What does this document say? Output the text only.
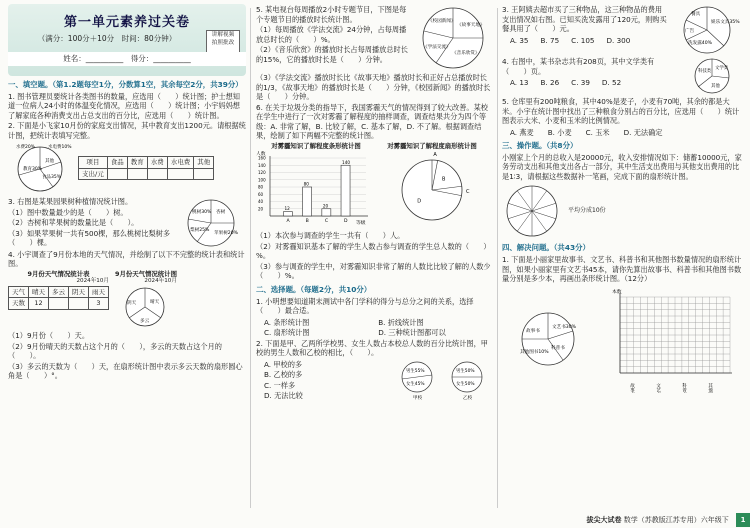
第一单元素养过关卷
（满分：100分＋10分　时间：80分钟）	讲解视频
拍照批改
姓名：__________　得分：__________
一、填空题。（第1.2题每空1分，分数算1空，其余每空2分，共39分）
1. 图书管理员要统计各类图书的数量，应选用（　　）统计图；护士想知道一位病人24小时的体温变化情况，应选用（　　）统计图；小宇妈妈想了解家庭各种消费支出占总支出的百分比，应选用（　　）统计图。
2. 下面是小飞家10月份的家庭支出情况，其中教育支出1200元。请根据统计图，把统计表填写完整。
水费20%	水电费10%
教育30%
食品35%
其他	项目	食品	教育	水费	水电费	其他
支出/元					
3. 右图是某果园果树种植情况统计图。
（1）图中数量最少的是（　　）树。
（2）杏树和苹果树的数量比是（　　）。
（3）如果苹果树一共有500棵，那么桃树比梨树多（　　）棵。
桃树30% 杏树
梨树25%
苹果树20%
4. 小宇调查了9月份本地的天气情况，并绘制了以下不完整的统计表和统计图。
9月份天气情况统计表
2024年10月
天气	晴天	多云	阴天	雨天
天数	12			3
9月份天气情况统计图
2024年10月
晴天
阴天
多云
（1）9月份（　　）天。
（2）9月份晴天的天数占这个月的（　　），多云的天数占这个月的（　　）。
（3）多云的天数为（　　）天，在扇形统计图中表示多云天数的扇形圆心角是（　　）°。
5. 某电视台每周播放2小时专题节目，下图是每个专题节目的播放时长统计图。
（1）每周播放《学法交流》24分钟，占每周播放总时长的（　　）%。
（2）《音乐欣赏》的播放时长占每周播放总时长的15%，它的播放时长是（　　）分钟。
《校园新闻》
《故事天地》
《学法交流》
《音乐欣赏》
（3）《学法交流》播放时长比《故事天地》播放时长和正好占总播放时长的1/3，《故事天地》的播放时长是（　　）分钟，《校园新闻》的播放时长是（　　）分钟。
6. 在关于垃圾分类的指导下，我国雾霾天气的情况得到了较大改善。某校在学生中进行了一次对雾霾了解程度的抽样调查，调查结果共分为四个等级：A. 非常了解，B. 比较了解，C. 基本了解，D. 不了解。根据调查结果，绘制了如下两幅不完整的统计图。
对雾霾知识了解程度条形统计图
20
40
60
80
100
120
140
160
等级
人数
12
A
80
B
20
C
140
D
对雾霾知识了解程度扇形统计图
A
B
C
D
（1）本次参与调查的学生一共有（　　）人。
（2）对雾霾知识基本了解的学生人数占参与调查的学生总人数的（　　）%。
（3）参与调查的学生中，对雾霾知识非常了解的人数比比较了解的人数少（　　）%。
二、选择题。（每题2分，共10分）
1. 小明想要知道期末测试中各门学科的得分与总分之间的关系，选择（　　）最合适。
A. 条形统计图	B. 折线统计图
C. 扇形统计图	D. 三种统计图都可以
2. 下面是甲、乙两所学校男、女生人数占本校总人数的百分比统计图，甲校的男生人数和乙校的相比，（　　）。
A. 甲校的多
B. 乙校的多
C. 一样多
D. 无法比较
男生55%
女生45%
甲校
男生50%
女生50%
乙校
3. 王阿姨去超市买了三种物品，这三种物品的费用支出情况如右图。已知买洗发露用了120元，则购买餐具用了（　　）元。
A. 35 B. 75 C. 105 D. 300
餐具
娱乐文具35%
洗发露40%
广告
4. 右图中，某书杂志共有208页，其中文学类有（　　）页。
A. 13 B. 26 C. 39 D. 52
文学类
科技类
其他
5. 仓库里有200吨粮食，其中40%是麦子，小麦有70吨，其余的都是大米。小宇在统计图中找出了三种粮食分别占的百分比，应选用（　　）统计图表示大米、小麦和玉米的比例情况。
A. 燕麦 B. 小麦 C. 玉米 D. 无法确定
三、操作题。（共8分）
小刚家上个月的总收入是20000元，收入安排情况如下：储蓄10000元，家务劳动支出和其他支出各占一部分，其中生活支出费用与其他支出费用的比是1∶3，请根据这些数据补一笔画，完成下面的扇形统计图。
平均分成10份
四、解决问题。（共43分）
1. 下面是小丽家里故事书、文艺书、科普书和其他图书数量情况的扇形统计图，如果小丽家里有文艺书45本，请你先算出故事书、科普书和其他图书数量分别是多少本，再画出条形统计图。（12分）
故事书
文艺书30%
科普书
其他图书10%
本数
故事书	文艺书	科普书	其他图书
拔尖大试卷 数学（苏教版江苏专用）六年级下 1
